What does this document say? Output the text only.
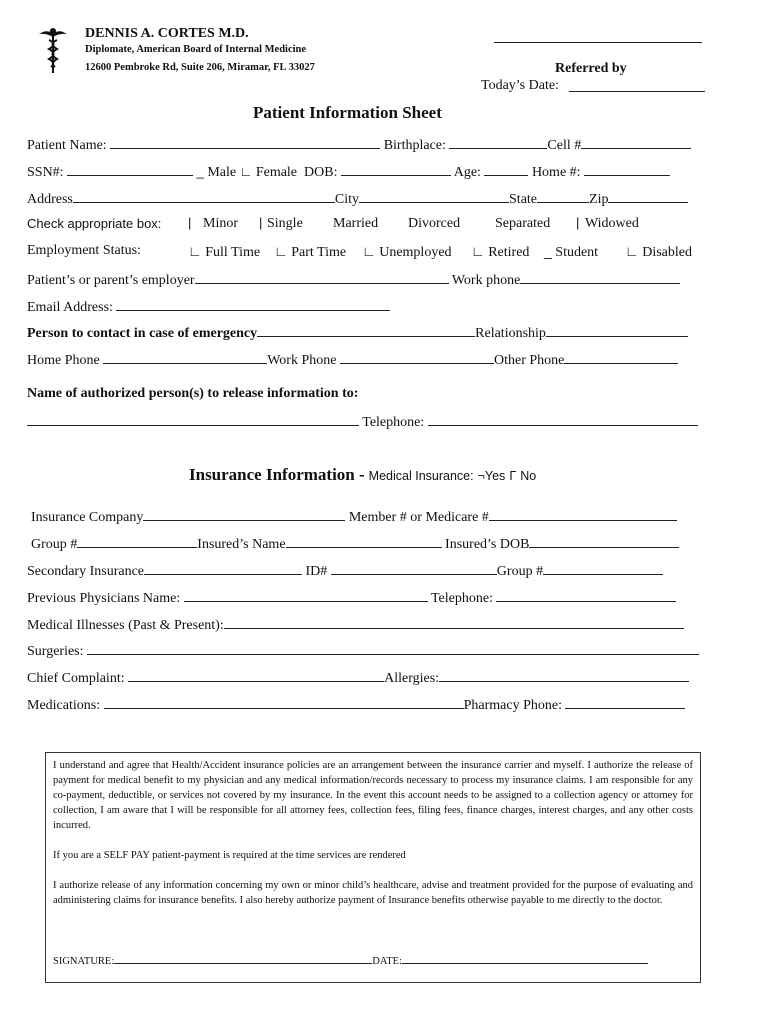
DENNIS A. CORTES M.D.
Diplomate, American Board of Internal Medicine
12600 Pembroke Rd, Suite 206, Miramar, FL 33027	Referred by
Today’s Date:
Patient Information Sheet
Patient Name:	Birthplace:	Cell #
SSN#:	_ Male ∟ Female DOB:	Age:	Home #:
Address	City	State	Zip
Check appropriate box: | Minor | Single Married Divorced Separated | Widowed
Employment Status:	∟ Full Time ∟ Part Time ∟ Unemployed ∟ Retired _ Student ∟ Disabled
Patient’s or parent’s employer	Work phone
Email Address:
Person to contact in case of emergency	Relationship
Home Phone	Work Phone	Other Phone
Name of authorized person(s) to release information to:
Telephone:
Insurance Information - Medical Insurance: ¬Yes Γ No
Insurance Company	Member # or Medicare #
Group #	Insured’s Name	Insured’s DOB
Secondary Insurance	ID#	Group #
Previous Physicians Name:	Telephone:
Medical Illnesses (Past & Present):
Surgeries:
Chief Complaint:	Allergies:
Medications:	Pharmacy Phone:
I understand and agree that Health/Accident insurance policies are an arrangement between the insurance carrier and myself. I authorize the release of payment for medical benefit to my physician and any medical information/records necessary to process my insurance claims. I am responsible for any co-payment, deductible, or services not covered by my insurance. In the event this account needs to be assigned to a collection agency or attorney for collection, I am aware that I will be responsible for all attorney fees, collection fees, filing fees, finance charges, interest charges, and any other costs incurred.
If you are a SELF PAY patient-payment is required at the time services are rendered
I authorize release of any information concerning my own or minor child’s healthcare, advise and treatment provided for the purpose of evaluating and administering claims for insurance benefits. I also hereby authorize payment of Insurance benefits otherwise payable to me directly to the doctor.
SIGNATURE:	DATE:
